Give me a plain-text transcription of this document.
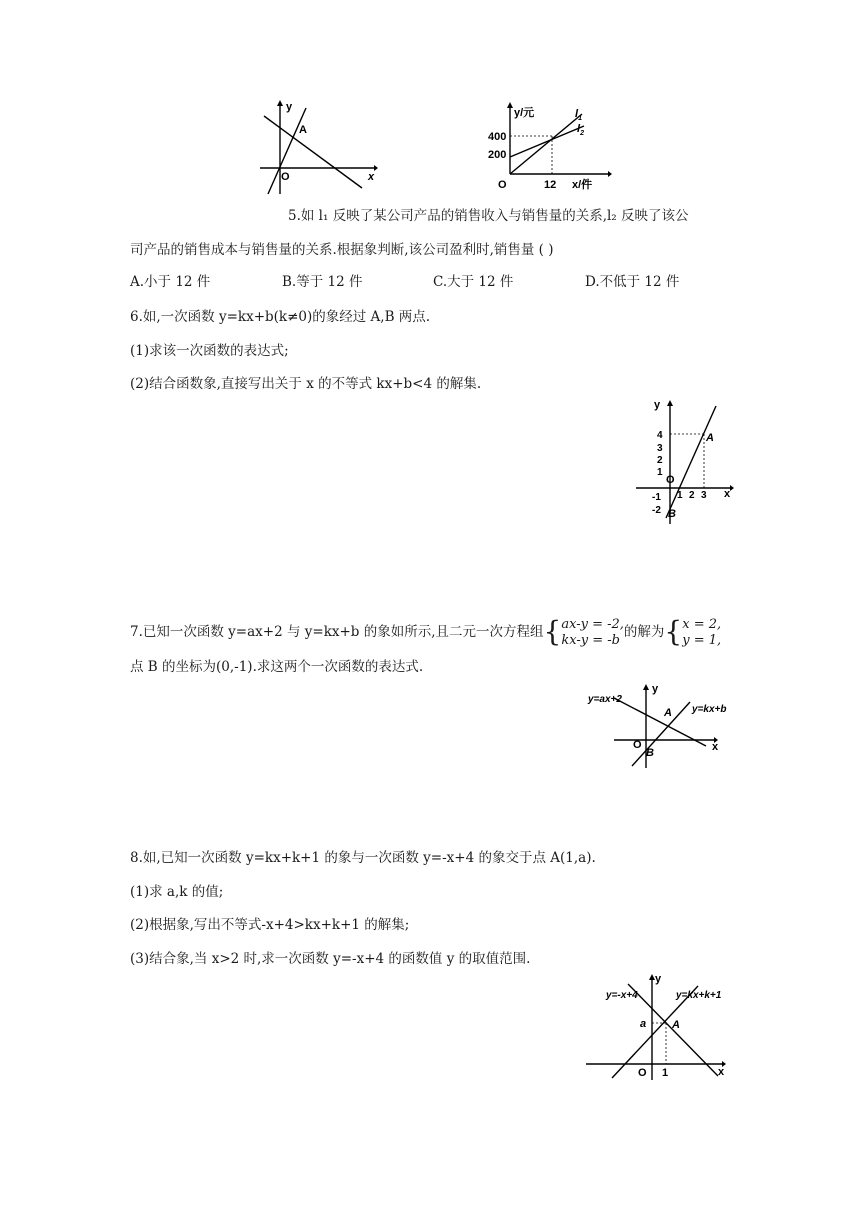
y
x
A
O
y/元
x/件
400
200
12
O
$l_1$
$l_2$
5.如 l₁ 反映了某公司产品的销售收入与销售量的关系,l₂ 反映了该公
司产品的销售成本与销售量的关系.根据象判断,该公司盈利时,销售量 ( )
A.小于 12 件	B.等于 12 件	C.大于 12 件	D.不低于 12 件
6.如,一次函数 y=kx+b(k≠0)的象经过 A,B 两点.
(1)求该一次函数的表达式;
(2)结合函数象,直接写出关于 x 的不等式 kx+b<4 的解集.
y
x
A
B
O
4
3
2
1
-1
-2
1 2 3
7.已知一次函数 y=ax+2 与 y=kx+b 的象如所示,且二元一次方程组{ax-y = -2,
kx-y = -b 的解为{x = 2,
y = 1,
点 B 的坐标为(0,-1).求这两个一次函数的表达式.
y=ax+2
y=kx+b
y
x
A
B
O
8.如,已知一次函数 y=kx+k+1 的象与一次函数 y=-x+4 的象交于点 A(1,a).
(1)求 a,k 的值;
(2)根据象,写出不等式-x+4>kx+k+1 的解集;
(3)结合象,当 x>2 时,求一次函数 y=-x+4 的函数值 y 的取值范围.
y=-x+4	y=kx+k+1
y
x
A
a
O 1
